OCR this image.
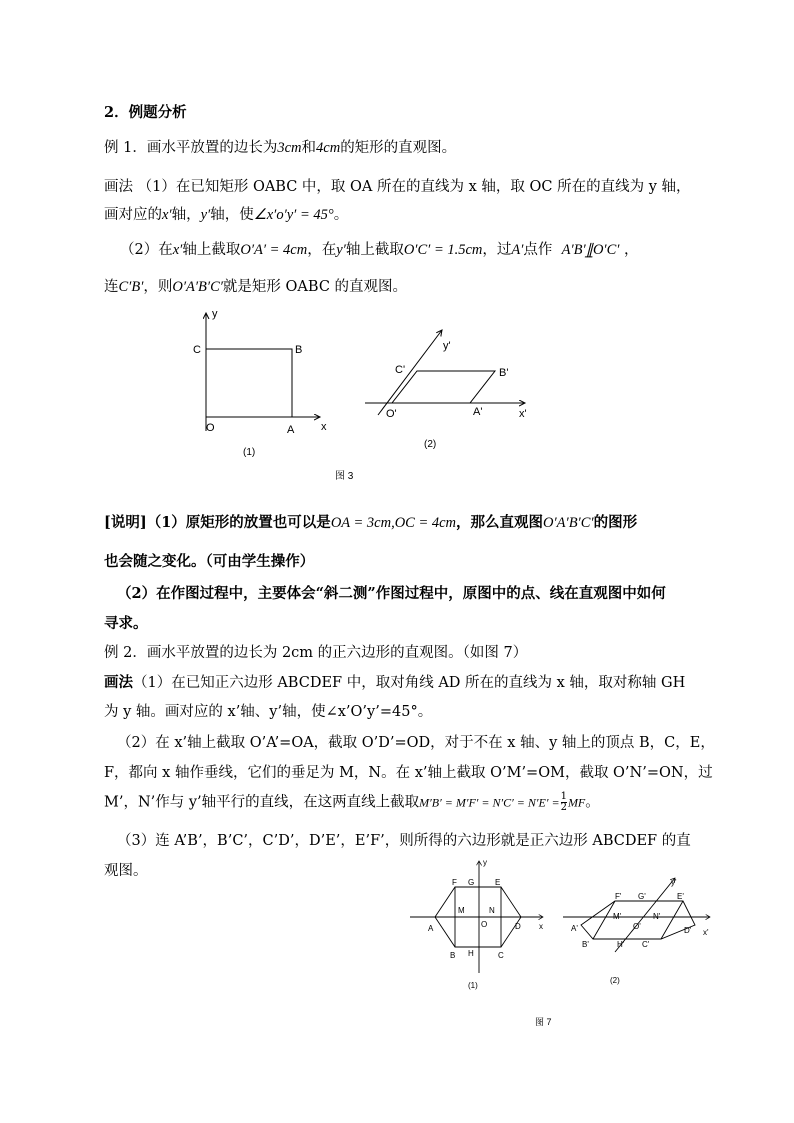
2．例题分析
例 1．画水平放置的边长为3cm和4cm的矩形的直观图。
画法 （1）在已知矩形 OABC 中，取 OA 所在的直线为 x 轴，取 OC 所在的直线为 y 轴，
画对应的x′轴，y′轴，使∠x′o′y′ = 45°。
（2）在x′轴上截取O′A′ = 4cm，在y′轴上截取O′C′ = 1.5cm，过A′点作 A′B′∥̲O′C′ ，
连C′B′，则O′A′B′C′就是矩形 OABC 的直观图。
y
x
O	A
B
C
(1)
y'
x'
O'	A'
B'
C'
(2)
图 3
[说明]（1）原矩形的放置也可以是OA = 3cm,OC = 4cm，那么直观图O′A′B′C′的图形
也会随之变化。（可由学生操作）
（2）在作图过程中，主要体会“斜二测”作图过程中，原图中的点、线在直观图中如何
寻求。
例 2．画水平放置的边长为 2cm 的正六边形的直观图。（如图 7）
画法（1）在已知正六边形 ABCDEF 中，取对角线 AD 所在的直线为 x 轴，取对称轴 GH
为 y 轴。画对应的 x’轴、y’轴，使∠x’O’y’=45°。
（2）在 x’轴上截取 O’A’=OA，截取 O’D’=OD，对于不在 x 轴、y 轴上的顶点 B，C，E，
F，都向 x 轴作垂线，它们的垂足为 M，N。在 x’轴上截取 O’M’=OM，截取 O’N’=ON，过
M’，N’作与 y’轴平行的直线，在这两直线上截取$M'B' = M'F' = N'C' = N'E' = \frac{1}{2}$ MF。
（3）连 A’B’，B’C’，C’D’，D’E’，E’F’，则所得的六边形就是正六边形 ABCDEF 的直
观图。
y
x
F G	E
M	N
A	O	D
B H	C
(1)
y'
x'
F' G'	E'
M'	N'
A'	O'	D'
B'	H' C'
(2)
图 7
